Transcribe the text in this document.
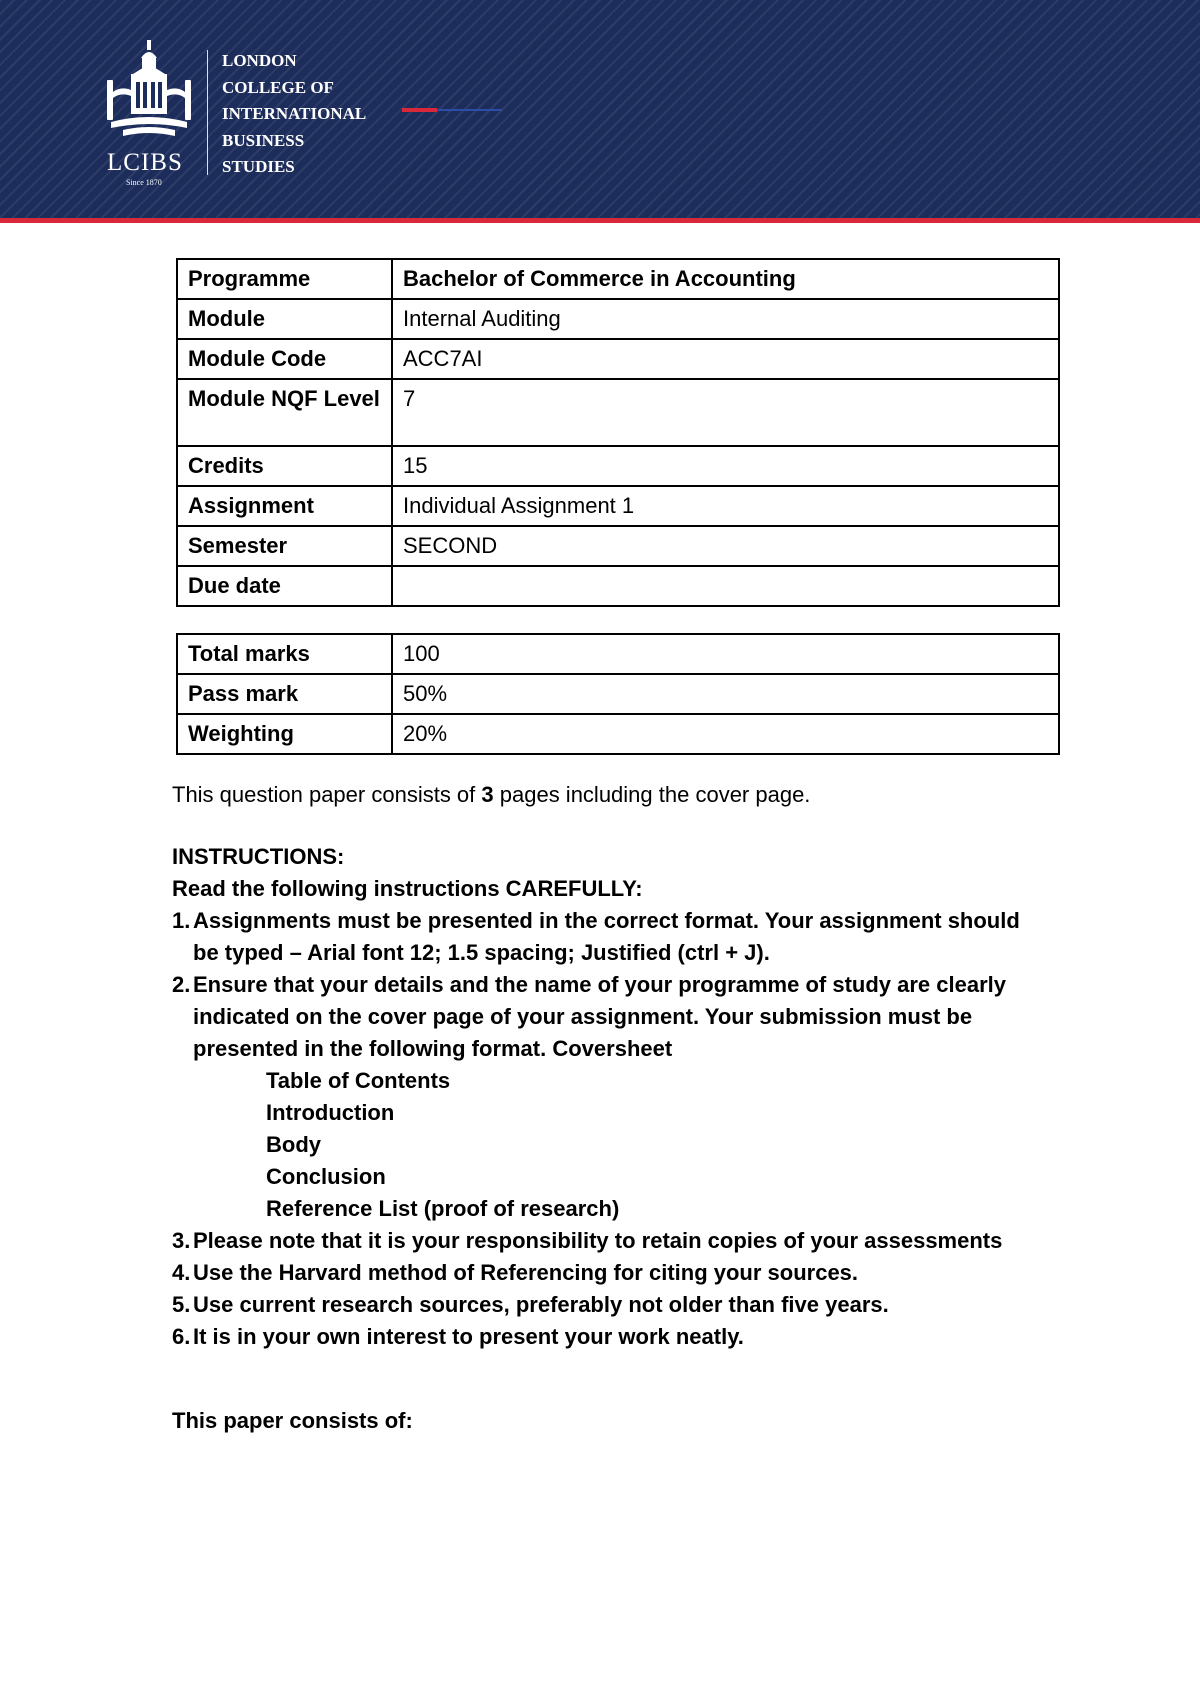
LCIBS
Since 1870
LONDON
COLLEGE OF
INTERNATIONAL
BUSINESS
STUDIES
Programme	Bachelor of Commerce in Accounting
Module	Internal Auditing
Module Code	ACC7AI
Module NQF Level	7
Credits	15
Assignment	Individual Assignment 1
Semester	SECOND
Due date	
Total marks	100
Pass mark	50%
Weighting	20%
This question paper consists of 3 pages including the cover page.
INSTRUCTIONS:
Read the following instructions CAREFULLY:
1. Assignments must be presented in the correct format. Your assignment should
be typed – Arial font 12; 1.5 spacing; Justified (ctrl + J).
2. Ensure that your details and the name of your programme of study are clearly
indicated on the cover page of your assignment. Your submission must be
presented in the following format. Coversheet
Table of Contents
Introduction
Body
Conclusion
Reference List (proof of research)
3. Please note that it is your responsibility to retain copies of your assessments
4. Use the Harvard method of Referencing for citing your sources.
5. Use current research sources, preferably not older than five years.
6. It is in your own interest to present your work neatly.
This paper consists of:
